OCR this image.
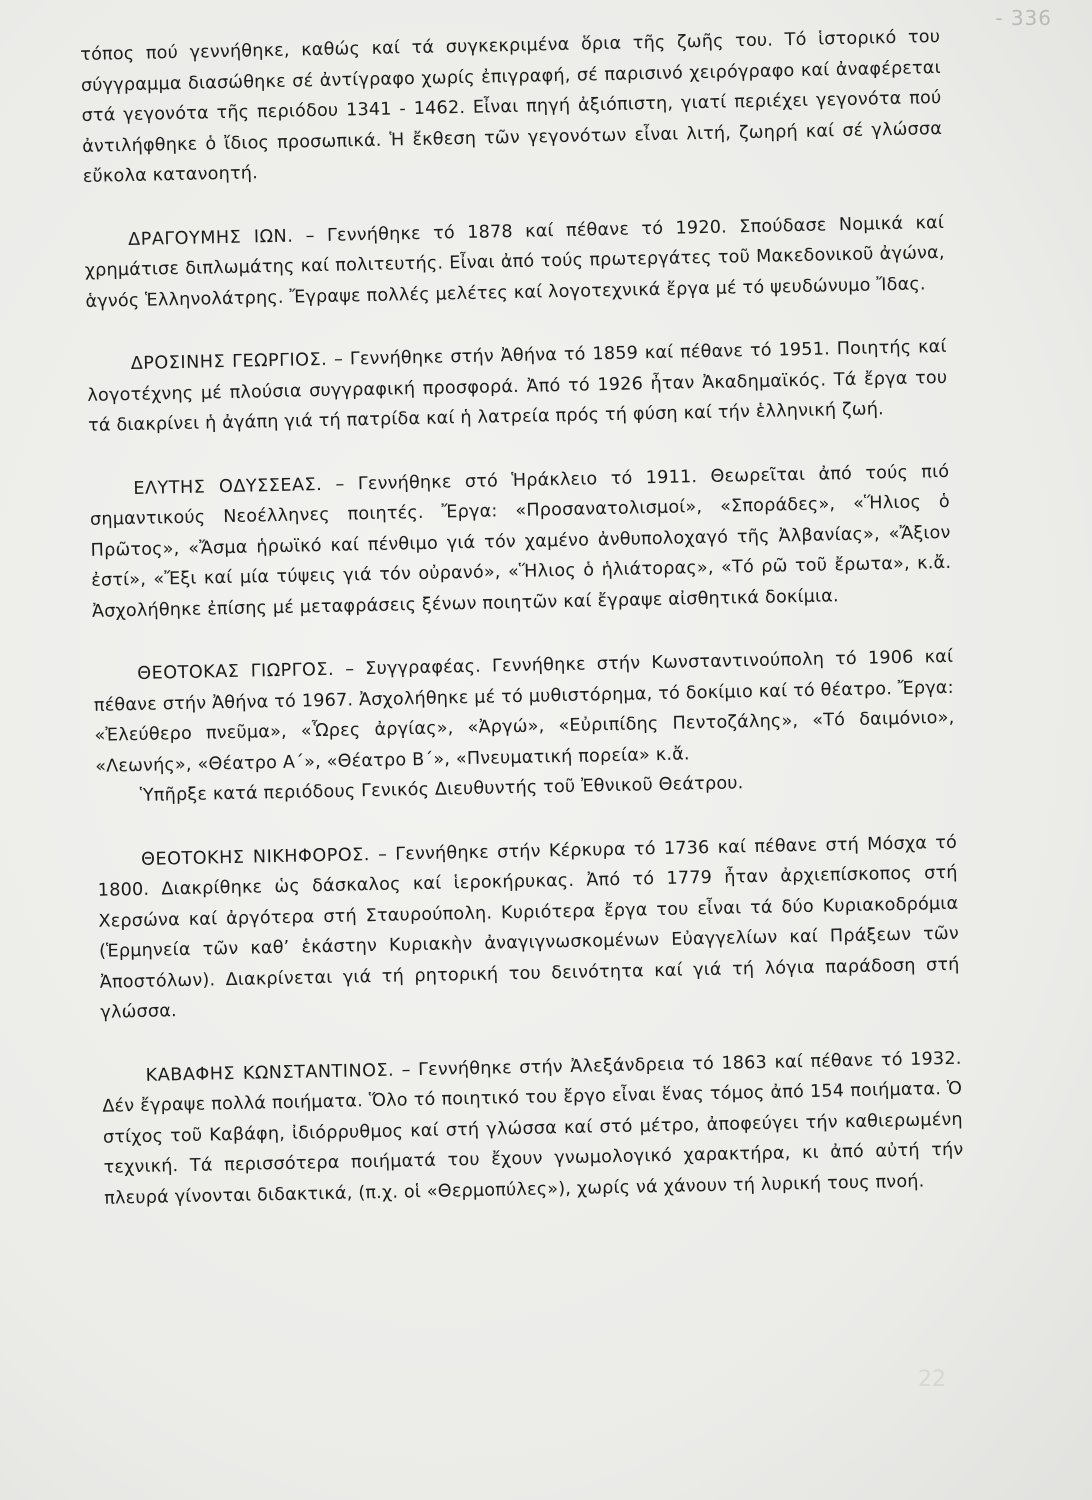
- 336

τόπος πού γεννήθηκε, καθώς καί τά συγκεκριμένα ὅρια τῆς ζωῆς του. Τό ἱστορικό του σύγγραμμα διασώθηκε σέ ἀντίγραφο χωρίς ἐπιγραφή, σέ παρισινό χειρόγραφο καί ἀναφέρεται στά γεγονότα τῆς περιόδου 1341 - 1462. Εἶναι πηγή ἀξιόπιστη, γιατί περιέχει γεγονότα πού ἀντιλήφθηκε ὁ ἴδιος προσωπικά. Ἡ ἔκθεση τῶν γεγονότων εἶναι λιτή, ζωηρή καί σέ γλώσσα εὔκολα κατανοητή.

ΔΡΑΓΟΥΜΗΣ ΙΩΝ. – Γεννήθηκε τό 1878 καί πέθανε τό 1920. Σπούδασε Νομικά καί χρημάτισε διπλωμάτης καί πολιτευτής. Εἶναι ἀπό τούς πρωτεργάτες τοῦ Μακεδονικοῦ ἀγώνα, ἁγνός Ἑλληνολάτρης. Ἔγραψε πολλές μελέτες καί λογοτεχνικά ἔργα μέ τό ψευδώνυμο Ἴδας.

ΔΡΟΣΙΝΗΣ ΓΕΩΡΓΙΟΣ. – Γεννήθηκε στήν Ἀθήνα τό 1859 καί πέθανε τό 1951. Ποιητής καί λογοτέχνης μέ πλούσια συγγραφική προσφορά. Ἀπό τό 1926 ἦταν Ἀκαδημαϊκός. Τά ἔργα του τά διακρίνει ἡ ἀγάπη γιά τή πατρίδα καί ἡ λατρεία πρός τή φύση καί τήν ἑλληνική ζωή.

ΕΛΥΤΗΣ ΟΔΥΣΣΕΑΣ. – Γεννήθηκε στό Ἡράκλειο τό 1911. Θεωρεῖται ἀπό τούς πιό σημαντικούς Νεοέλληνες ποιητές. Ἔργα: «Προσανατολισμοί», «Σποράδες», «Ἥλιος ὁ Πρῶτος», «Ἄσμα ἡρωϊκό καί πένθιμο γιά τόν χαμένο ἀνθυπολοχαγό τῆς Ἀλβανίας», «Ἄξιον ἐστί», «Ἔξι καί μία τύψεις γιά τόν οὐρανό», «Ἥλιος ὁ ἡλιάτορας», «Τό ρῶ τοῦ ἔρωτα», κ.ἄ. Ἀσχολήθηκε ἐπίσης μέ μεταφράσεις ξένων ποιητῶν καί ἔγραψε αἰσθητικά δοκίμια.

ΘΕΟΤΟΚΑΣ ΓΙΩΡΓΟΣ. – Συγγραφέας. Γεννήθηκε στήν Κωνσταντινούπολη τό 1906 καί πέθανε στήν Ἀθήνα τό 1967. Ἀσχολήθηκε μέ τό μυθιστόρημα, τό δοκίμιο καί τό θέατρο. Ἔργα: «Ἐλεύθερο πνεῦμα», «Ὧρες ἀργίας», «Ἀργώ», «Εὐριπίδης Πεντοζάλης», «Τό δαιμόνιο», «Λεωνής», «Θέατρο Α΄», «Θέατρο Β΄», «Πνευματική πορεία» κ.ἄ.

Ὑπῆρξε κατά περιόδους Γενικός Διευθυντής τοῦ Ἐθνικοῦ Θεάτρου.

ΘΕΟΤΟΚΗΣ ΝΙΚΗΦΟΡΟΣ. – Γεννήθηκε στήν Κέρκυρα τό 1736 καί πέθανε στή Μόσχα τό 1800. Διακρίθηκε ὡς δάσκαλος καί ἱεροκήρυκας. Ἀπό τό 1779 ἦταν ἀρχιεπίσκοπος στή Χερσώνα καί ἀργότερα στή Σταυρούπολη. Κυριότερα ἔργα του εἶναι τά δύο Κυριακοδρόμια (Ἑρμηνεία τῶν καθ’ ἑκάστην Κυριακὴν ἀναγιγνωσκομένων Εὐαγγελίων καί Πράξεων τῶν Ἀποστόλων). Διακρίνεται γιά τή ρητορική του δεινότητα καί γιά τή λόγια παράδοση στή γλώσσα.

ΚΑΒΑΦΗΣ ΚΩΝΣΤΑΝΤΙΝΟΣ. – Γεννήθηκε στήν Ἀλεξάνδρεια τό 1863 καί πέθανε τό 1932. Δέν ἔγραψε πολλά ποιήματα. Ὅλο τό ποιητικό του ἔργο εἶναι ἕνας τόμος ἀπό 154 ποιήματα. Ὁ στίχος τοῦ Καβάφη, ἰδιόρρυθμος καί στή γλώσσα καί στό μέτρο, ἀποφεύγει τήν καθιερωμένη τεχνική. Τά περισσότερα ποιήματά του ἔχουν γνωμολογικό χαρακτήρα, κι ἀπό αὐτή τήν πλευρά γίνονται διδακτικά, (π.χ. οἱ «Θερμοπύλες»), χωρίς νά χάνουν τή λυρική τους πνοή.

22
